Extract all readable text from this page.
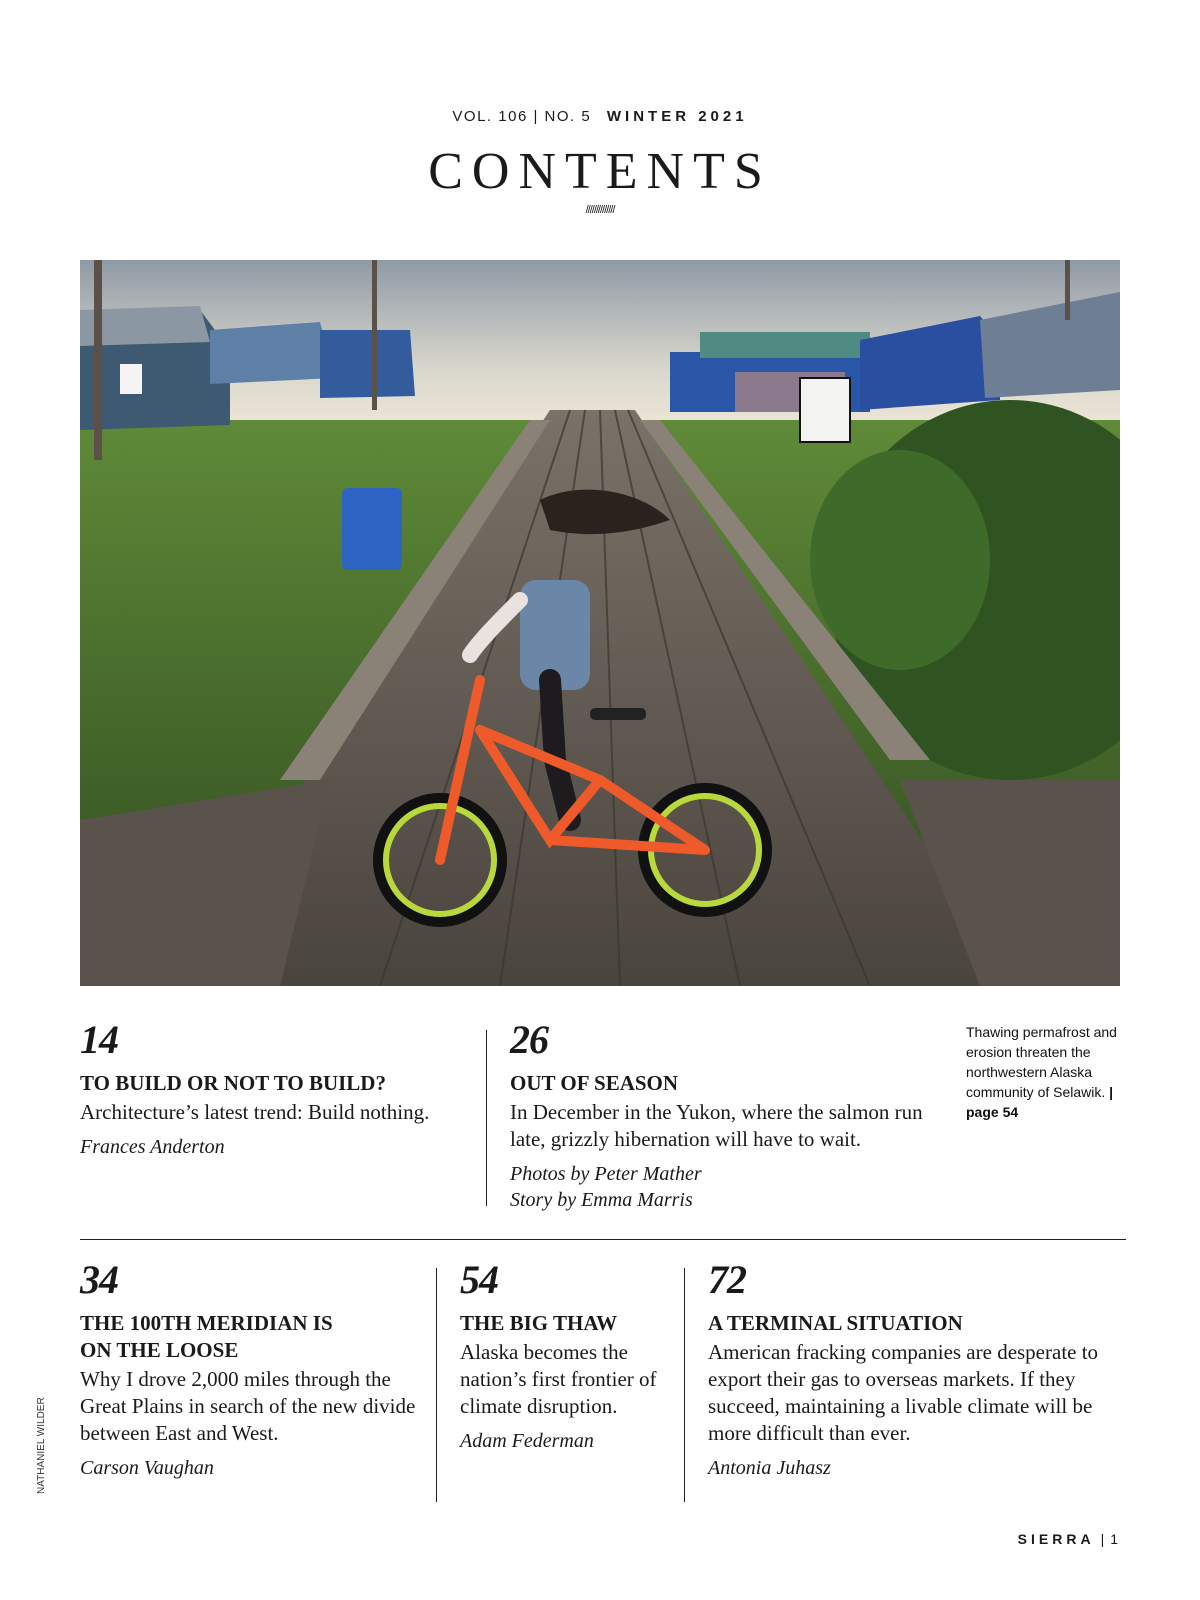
VOL. 106 | NO. 5 WINTER 2021
CONTENTS
//////////////
14
TO BUILD OR NOT TO BUILD?
Architecture’s latest trend: Build nothing.
Frances Anderton
26
OUT OF SEASON
In December in the Yukon, where the salmon run late, grizzly hibernation will have to wait.
Photos by Peter Mather
Story by Emma Marris
Thawing permafrost and erosion threaten the northwestern Alaska community of Selawik. | page 54
34
THE 100TH MERIDIAN IS ON THE LOOSE
Why I drove 2,000 miles through the Great Plains in search of the new divide between East and West.
Carson Vaughan
54
THE BIG THAW
Alaska becomes the nation’s first frontier of climate disruption.
Adam Federman
72
A TERMINAL SITUATION
American fracking companies are desperate to export their gas to overseas markets. If they succeed, maintaining a livable climate will be more difficult than ever.
Antonia Juhasz
NATHANIEL WILDER
SIERRA | 1
